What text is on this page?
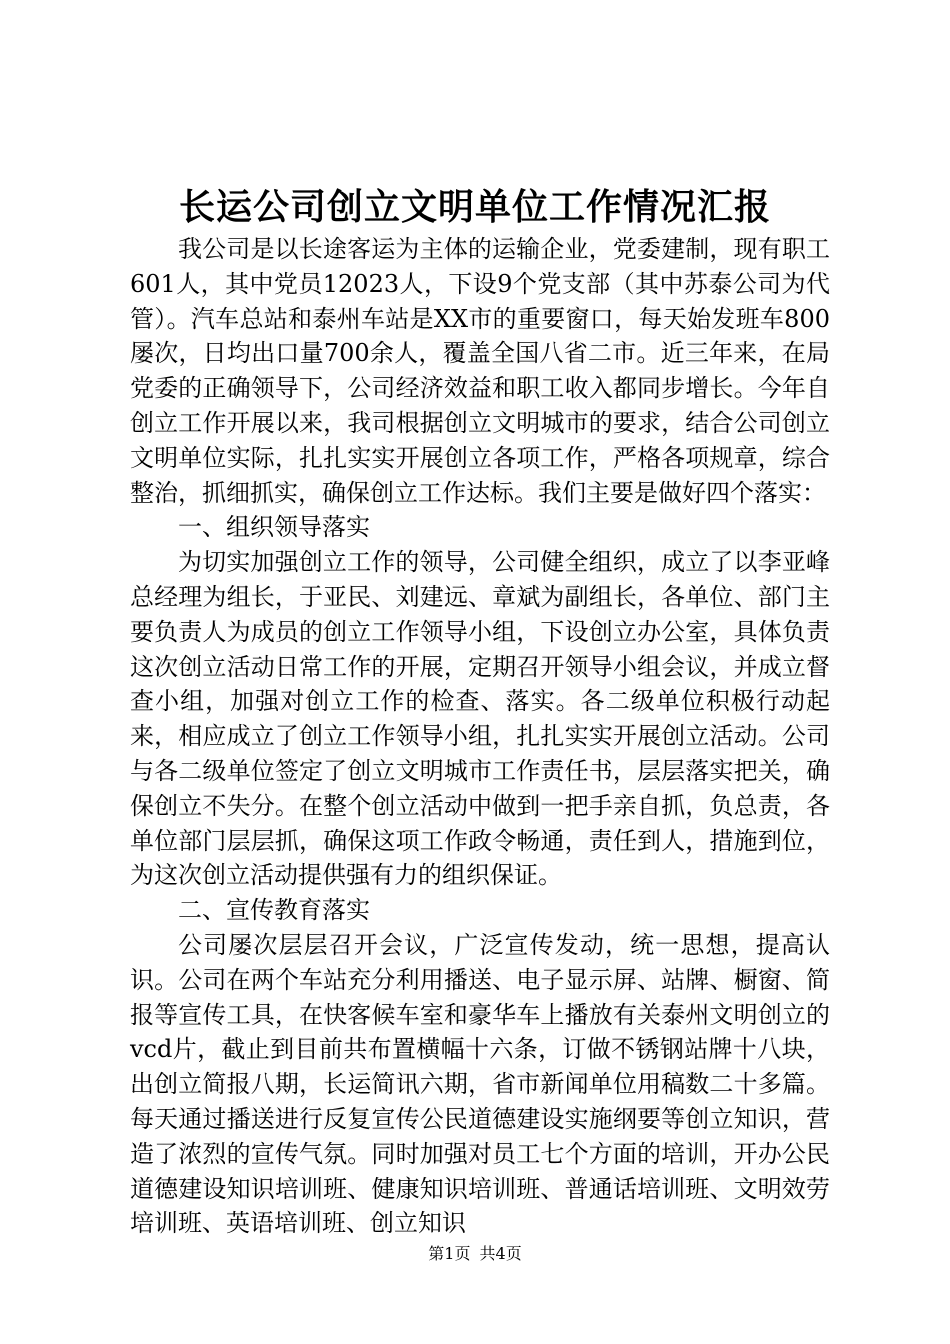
长运公司创立文明单位工作情况汇报

我公司是以长途客运为主体的运输企业，党委建制，现有职工601人，其中党员12023人，下设9个党支部（其中苏泰公司为代管）。汽车总站和泰州车站是XX市的重要窗口，每天始发班车800屡次，日均出口量700余人，覆盖全国八省二市。近三年来，在局党委的正确领导下，公司经济效益和职工收入都同步增长。今年自创立工作开展以来，我司根据创立文明城市的要求，结合公司创立文明单位实际，扎扎实实开展创立各项工作，严格各项规章，综合整治，抓细抓实，确保创立工作达标。我们主要是做好四个落实：

一、组织领导落实

为切实加强创立工作的领导，公司健全组织，成立了以李亚峰总经理为组长，于亚民、刘建远、章斌为副组长，各单位、部门主要负责人为成员的创立工作领导小组，下设创立办公室，具体负责这次创立活动日常工作的开展，定期召开领导小组会议，并成立督查小组，加强对创立工作的检查、落实。各二级单位积极行动起来，相应成立了创立工作领导小组，扎扎实实开展创立活动。公司与各二级单位签定了创立文明城市工作责任书，层层落实把关，确保创立不失分。在整个创立活动中做到一把手亲自抓，负总责，各单位部门层层抓，确保这项工作政令畅通，责任到人，措施到位，为这次创立活动提供强有力的组织保证。

二、宣传教育落实

公司屡次层层召开会议，广泛宣传发动，统一思想，提高认识。公司在两个车站充分利用播送、电子显示屏、站牌、橱窗、简报等宣传工具，在快客候车室和豪华车上播放有关泰州文明创立的vcd片，截止到目前共布置横幅十六条，订做不锈钢站牌十八块，出创立简报八期，长运简讯六期，省市新闻单位用稿数二十多篇。每天通过播送进行反复宣传公民道德建设实施纲要等创立知识，营造了浓烈的宣传气氛。同时加强对员工七个方面的培训，开办公民道德建设知识培训班、健康知识培训班、普通话培训班、文明效劳培训班、英语培训班、创立知识

第1页 共4页
